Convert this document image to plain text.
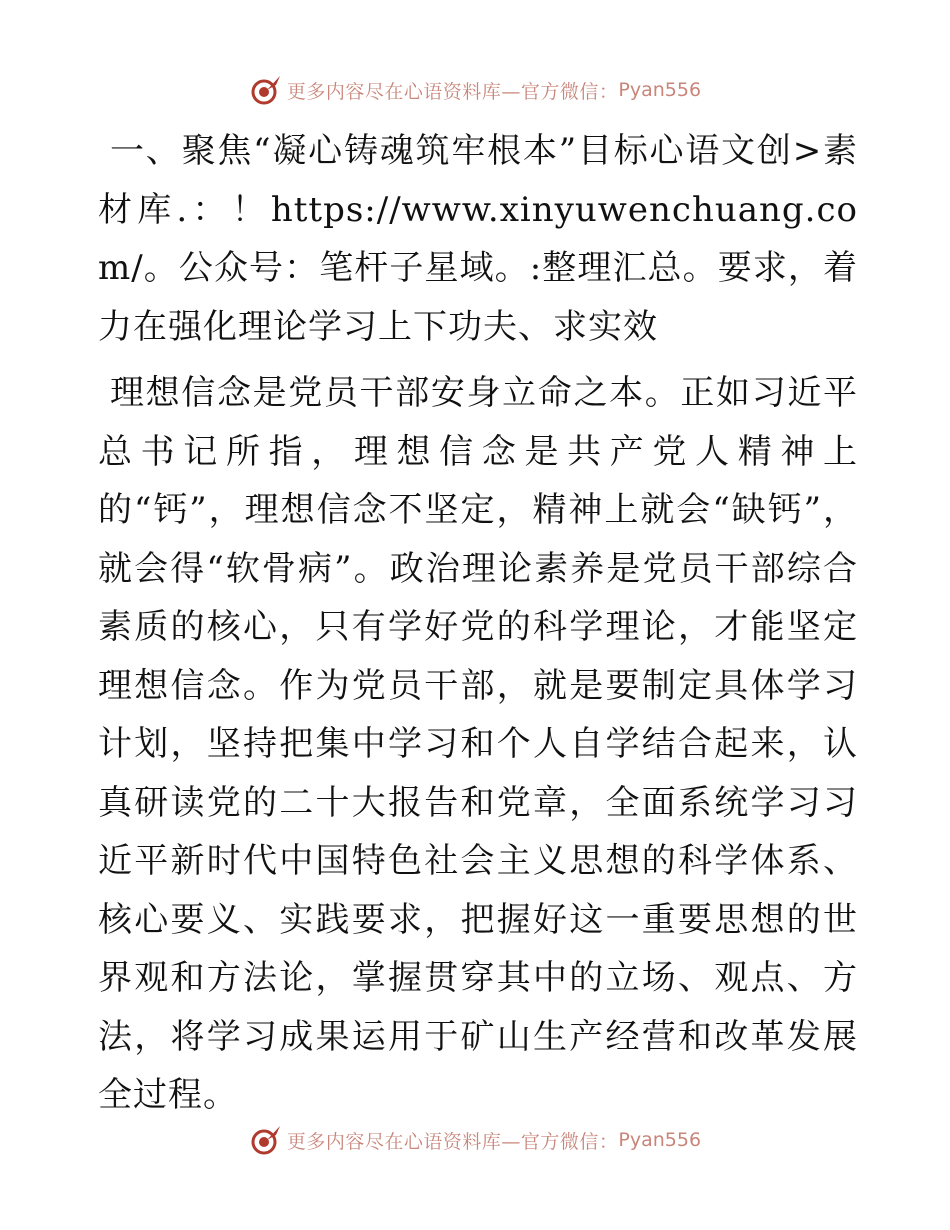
更多内容尽在心语资料库—官方微信： Pyan556

一、聚焦“凝心铸魂筑牢根本”目标心语文创>素材库.：！https://www.xinyuwenchuang.com/。公众号：笔杆子星域。:整理汇总。要求，着力在强化理论学习上下功夫、求实效

理想信念是党员干部安身立命之本。正如习近平总书记所指，理想信念是共产党人精神上的“钙”，理想信念不坚定，精神上就会“缺钙”，就会得“软骨病”。政治理论素养是党员干部综合素质的核心，只有学好党的科学理论，才能坚定理想信念。作为党员干部，就是要制定具体学习计划，坚持把集中学习和个人自学结合起来，认真研读党的二十大报告和党章，全面系统学习习近平新时代中国特色社会主义思想的科学体系、核心要义、实践要求，把握好这一重要思想的世界观和方法论，掌握贯穿其中的立场、观点、方法，将学习成果运用于矿山生产经营和改革发展全过程。

更多内容尽在心语资料库—官方微信： Pyan556
